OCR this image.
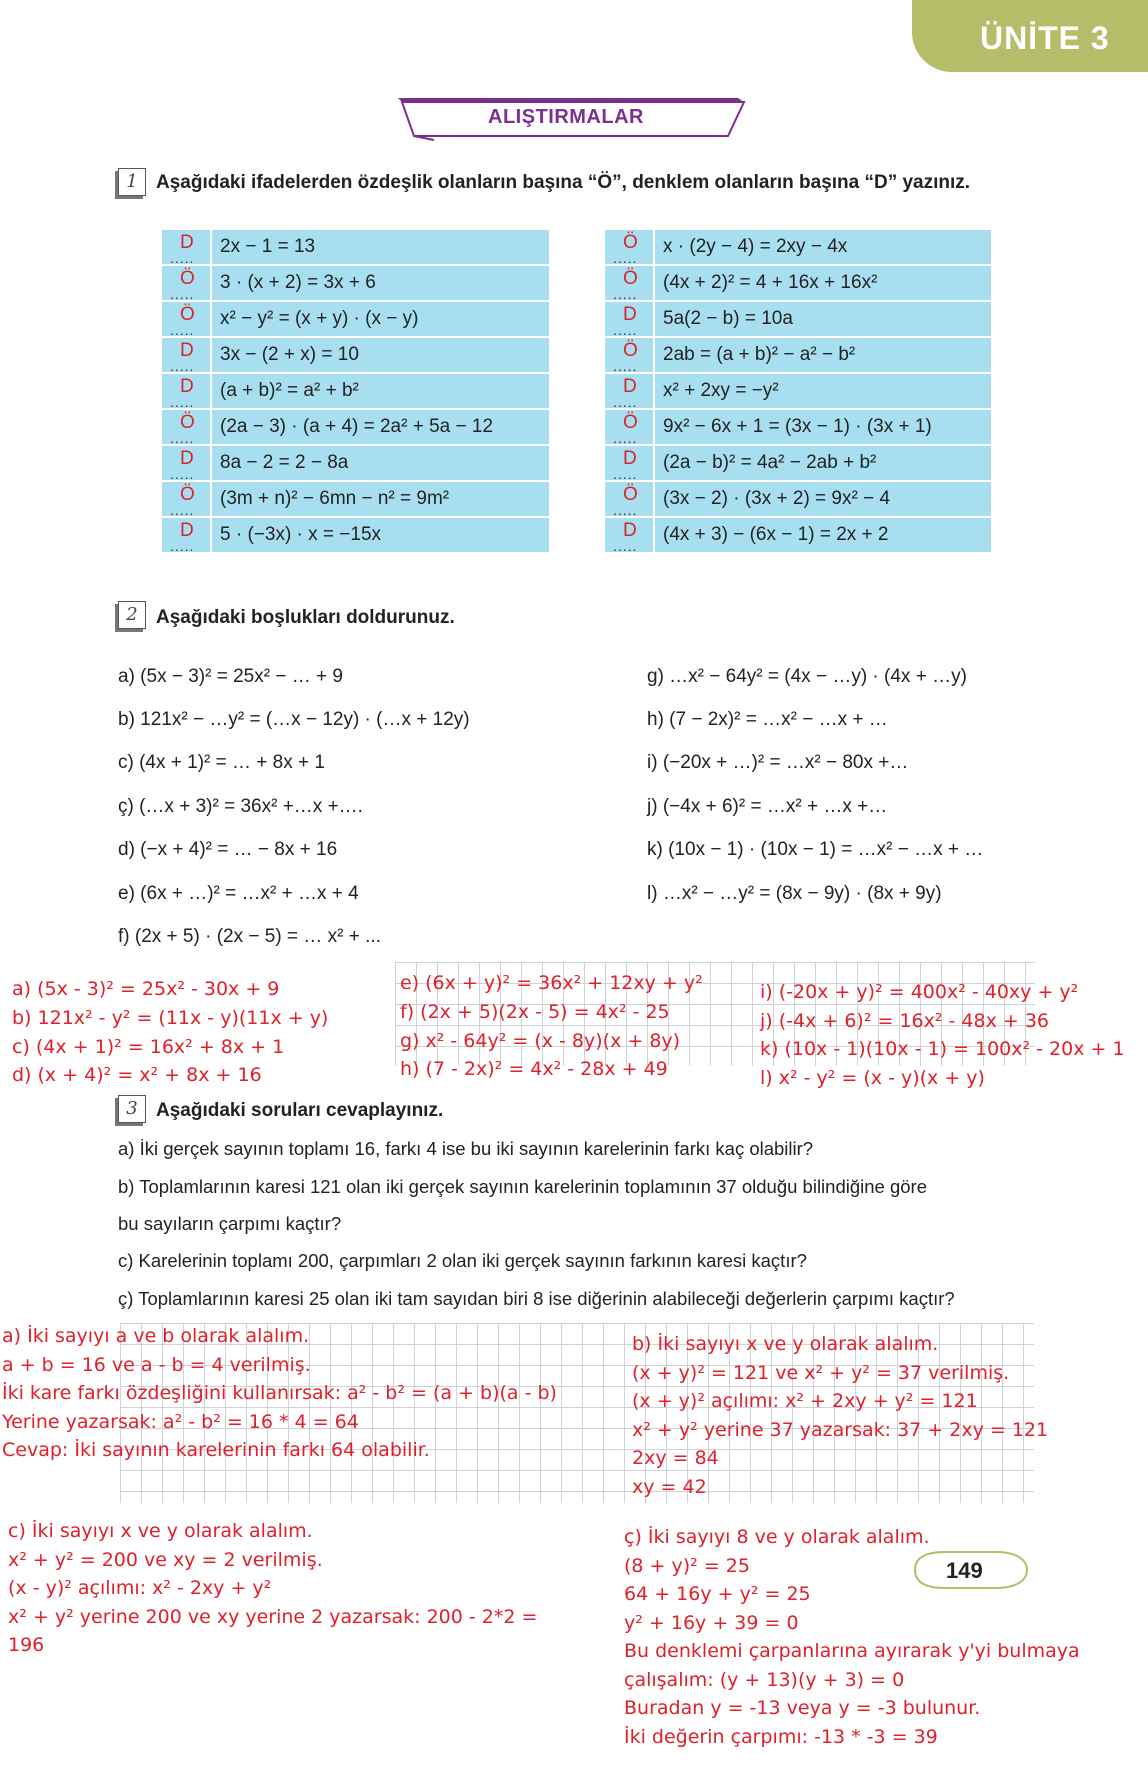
ÜNİTE 3
ALIŞTIRMALAR
1 Aşağıdaki ifadelerden özdeşlik olanların başına “Ö”, denklem olanların başına “D” yazınız.
D
.....	2x − 1 = 13

Ö
.....	3 · (x + 2) = 3x + 6

Ö
.....	x² − y² = (x + y) · (x − y)

D
.....	3x − (2 + x) = 10

D
.....	(a + b)² = a² + b²

Ö
.....	(2a − 3) · (a + 4) = 2a² + 5a − 12

D
.....	8a − 2 = 2 − 8a

Ö
.....	(3m + n)² − 6mn − n² = 9m²

D
.....	5 · (−3x) · x = −15x
Ö
.....	x · (2y − 4) = 2xy − 4x

Ö
.....	(4x + 2)² = 4 + 16x + 16x²

D
.....	5a(2 − b) = 10a

Ö
.....	2ab = (a + b)² − a² − b²

D
.....	x² + 2xy = −y²

Ö
.....	9x² − 6x + 1 = (3x − 1) · (3x + 1)

D
.....	(2a − b)² = 4a² − 2ab + b²

Ö
.....	(3x − 2) · (3x + 2) = 9x² − 4

D
.....	(4x + 3) − (6x − 1) = 2x + 2
2 Aşağıdaki boşlukları doldurunuz.
a) (5x − 3)² = 25x² − … + 9
b) 121x² − …y² = (…x − 12y) · (…x + 12y)
c) (4x + 1)² = … + 8x + 1
ç) (…x + 3)² = 36x² +…x +….
d) (−x + 4)² = … − 8x + 16
e) (6x + …)² = …x² + …x + 4
f) (2x + 5) · (2x − 5) = … x² + ...
g) …x² − 64y² = (4x − …y) · (4x + …y)
h) (7 − 2x)² = …x² − …x + …
i) (−20x + …)² = …x² − 80x +…
j) (−4x + 6)² = …x² + …x +…
k) (10x − 1) · (10x − 1) = …x² − …x + …
l) …x² − …y² = (8x − 9y) · (8x + 9y)
a) (5x - 3)² = 25x² - 30x + 9
b) 121x² - y² = (11x - y)(11x + y)
c) (4x + 1)² = 16x² + 8x + 1
d) (x + 4)² = x² + 8x + 16
e) (6x + y)² = 36x² + 12xy + y²
f) (2x + 5)(2x - 5) = 4x² - 25
g) x² - 64y² = (x - 8y)(x + 8y)
h) (7 - 2x)² = 4x² - 28x + 49
i) (-20x + y)² = 400x² - 40xy + y²
j) (-4x + 6)² = 16x² - 48x + 36
k) (10x - 1)(10x - 1) = 100x² - 20x + 1
l) x² - y² = (x - y)(x + y)
3 Aşağıdaki soruları cevaplayınız.
a) İki gerçek sayının toplamı 16, farkı 4 ise bu iki sayının karelerinin farkı kaç olabilir?
b) Toplamlarının karesi 121 olan iki gerçek sayının karelerinin toplamının 37 olduğu bilindiğine göre
bu sayıların çarpımı kaçtır?
c) Karelerinin toplamı 200, çarpımları 2 olan iki gerçek sayının farkının karesi kaçtır?
ç) Toplamlarının karesi 25 olan iki tam sayıdan biri 8 ise diğerinin alabileceği değerlerin çarpımı kaçtır?
a) İki sayıyı a ve b olarak alalım.
a + b = 16 ve a - b = 4 verilmiş.
İki kare farkı özdeşliğini kullanırsak: a² - b² = (a + b)(a - b)
Yerine yazarsak: a² - b² = 16 * 4 = 64
Cevap: İki sayının karelerinin farkı 64 olabilir.
b) İki sayıyı x ve y olarak alalım.
(x + y)² = 121 ve x² + y² = 37 verilmiş.
(x + y)² açılımı: x² + 2xy + y² = 121
x² + y² yerine 37 yazarsak: 37 + 2xy = 121
2xy = 84
xy = 42
c) İki sayıyı x ve y olarak alalım.
x² + y² = 200 ve xy = 2 verilmiş.
(x - y)² açılımı: x² - 2xy + y²
x² + y² yerine 200 ve xy yerine 2 yazarsak: 200 - 2*2 =
196
149
ç) İki sayıyı 8 ve y olarak alalım.
(8 + y)² = 25
64 + 16y + y² = 25
y² + 16y + 39 = 0
Bu denklemi çarpanlarına ayırarak y'yi bulmaya
çalışalım: (y + 13)(y + 3) = 0
Buradan y = -13 veya y = -3 bulunur.
İki değerin çarpımı: -13 * -3 = 39
